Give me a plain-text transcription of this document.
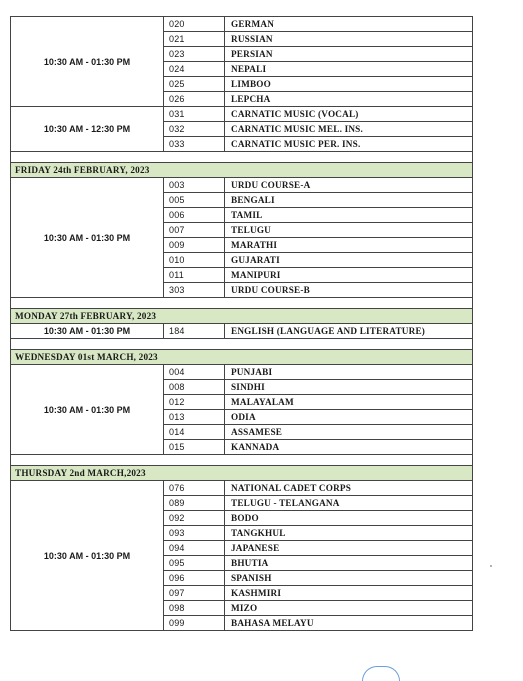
10:30 AM - 01:30 PM	020	GERMAN
	021	RUSSIAN
	023	PERSIAN
	024	NEPALI
	025	LIMBOO
	026	LEPCHA
10:30 AM - 12:30 PM	031	CARNATIC MUSIC (VOCAL)
	032	CARNATIC MUSIC MEL. INS.
	033	CARNATIC MUSIC PER. INS.

FRIDAY 24th FEBRUARY, 2023		
10:30 AM - 01:30 PM	003	URDU COURSE-A
	005	BENGALI
	006	TAMIL
	007	TELUGU
	009	MARATHI
	010	GUJARATI
	011	MANIPURI
	303	URDU COURSE-B

MONDAY 27th FEBRUARY, 2023		
10:30 AM - 01:30 PM	184	ENGLISH (LANGUAGE AND LITERATURE)

WEDNESDAY 01st MARCH, 2023		
10:30 AM - 01:30 PM	004	PUNJABI
	008	SINDHI
	012	MALAYALAM
	013	ODIA
	014	ASSAMESE
	015	KANNADA

THURSDAY 2nd MARCH,2023		
10:30 AM - 01:30 PM	076	NATIONAL CADET CORPS
	089	TELUGU - TELANGANA
	092	BODO
	093	TANGKHUL
	094	JAPANESE
	095	BHUTIA
	096	SPANISH
	097	KASHMIRI
	098	MIZO
	099	BAHASA MELAYU
